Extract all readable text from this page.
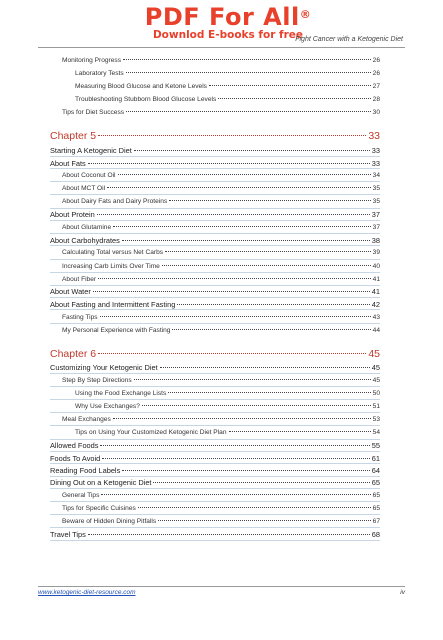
PDF For All®
Downlod E-books for free
Fight Cancer with a Ketogenic Diet
Monitoring Progress	26
Laboratory Tests	26
Measuring Blood Glucose and Ketone Levels	27
Troubleshooting Stubborn Blood Glucose Levels	28
Tips for Diet Success	30
Chapter 5	33
Starting A Ketogenic Diet	33
About Fats	33
About Coconut Oil	34
About MCT Oil	35
About Dairy Fats and Dairy Proteins	35
About Protein	37
About Glutamine	37
About Carbohydrates	38
Calculating Total versus Net Carbs	39
Increasing Carb Limits Over Time	40
About Fiber	41
About Water	41
About Fasting and Intermittent Fasting	42
Fasting Tips	43
My Personal Experience with Fasting	44
Chapter 6	45
Customizing Your Ketogenic Diet	45
Step By Step Directions	45
Using the Food Exchange Lists	50
Why Use Exchanges?	51
Meal Exchanges	53
Tips on Using Your Customized Ketogenic Diet Plan	54
Allowed Foods	55
Foods To Avoid	61
Reading Food Labels	64
Dining Out on a Ketogenic Diet	65
General Tips	65
Tips for Specific Cuisines	65
Beware of Hidden Dining Pitfalls	67
Travel Tips	68
www.ketogenic-diet-resource.com	iv
